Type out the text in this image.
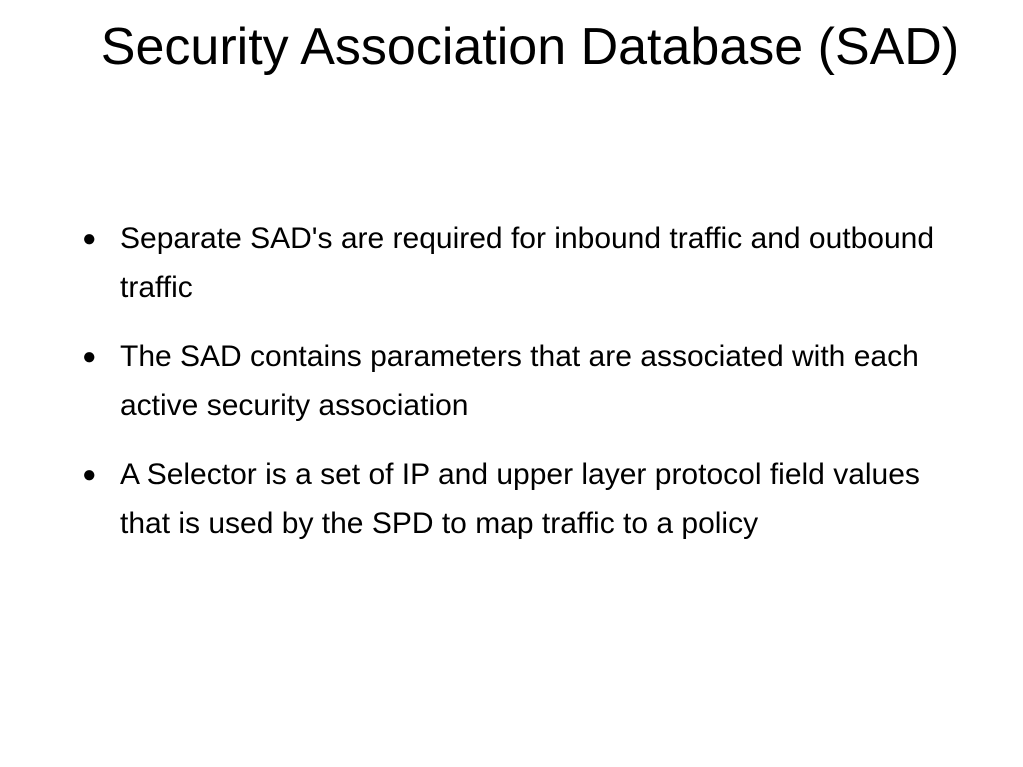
Security Association Database (SAD)
● Separate SAD's are required for inbound traffic and outbound traffic
● The SAD contains parameters that are associated with each active security association
● A Selector is a set of IP and upper layer protocol field values that is used by the SPD to map traffic to a policy
